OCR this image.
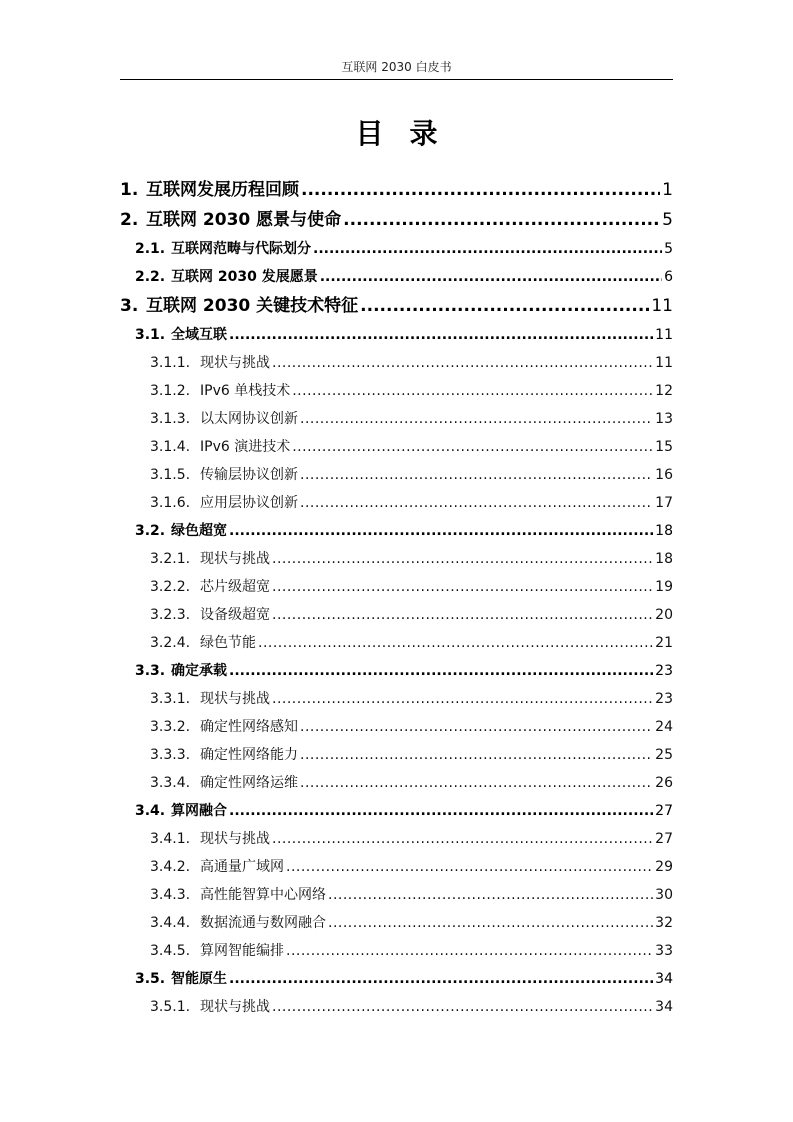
互联网 2030 白皮书
目录
1. 互联网发展历程回顾 .....	1
2. 互联网 2030 愿景与使命 .....	5
2.1. 互联网范畴与代际划分 .....	5
2.2. 互联网 2030 发展愿景 .....	6
3. 互联网 2030 关键技术特征 .....	11
3.1. 全域互联 .....	11
3.1.1. 现状与挑战 .....	11
3.1.2. IPv6 单栈技术 .....	12
3.1.3. 以太网协议创新 .....	13
3.1.4. IPv6 演进技术 .....	15
3.1.5. 传输层协议创新 .....	16
3.1.6. 应用层协议创新 .....	17
3.2. 绿色超宽 .....	18
3.2.1. 现状与挑战 .....	18
3.2.2. 芯片级超宽 .....	19
3.2.3. 设备级超宽 .....	20
3.2.4. 绿色节能 .....	21
3.3. 确定承载 .....	23
3.3.1. 现状与挑战 .....	23
3.3.2. 确定性网络感知 .....	24
3.3.3. 确定性网络能力 .....	25
3.3.4. 确定性网络运维 .....	26
3.4. 算网融合 .....	27
3.4.1. 现状与挑战 .....	27
3.4.2. 高通量广域网 .....	29
3.4.3. 高性能智算中心网络 .....	30
3.4.4. 数据流通与数网融合 .....	32
3.4.5. 算网智能编排 .....	33
3.5. 智能原生 .....	34
3.5.1. 现状与挑战 .....	34
